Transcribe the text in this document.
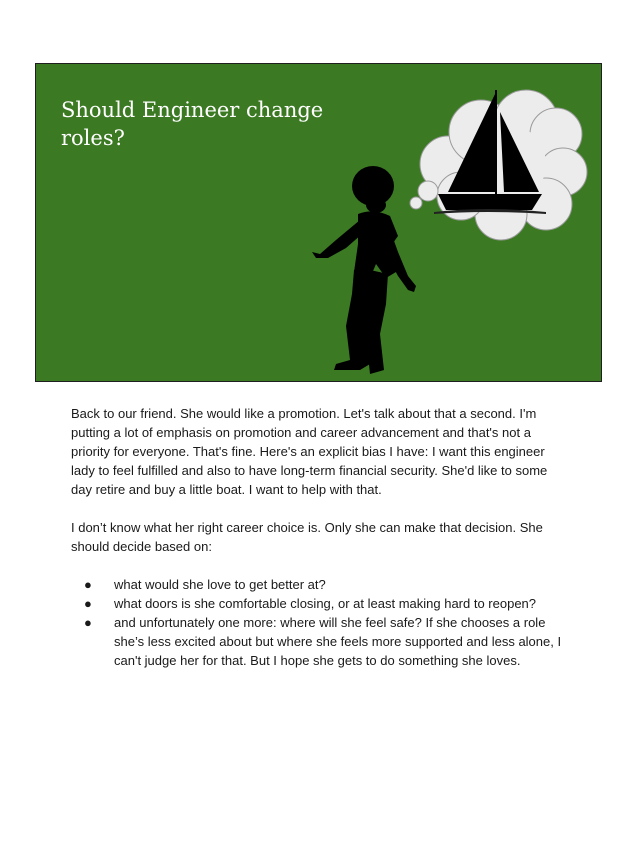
Should Engineer change roles?

Back to our friend. She would like a promotion. Let's talk about that a second. I'm putting a lot of emphasis on promotion and career advancement and that's not a priority for everyone. That's fine. Here's an explicit bias I have: I want this engineer lady to feel fulfilled and also to have long-term financial security. She'd like to some day retire and buy a little boat. I want to help with that.

I don’t know what her right career choice is. Only she can make that decision. She should decide based on:

● what would she love to get better at?
● what doors is she comfortable closing, or at least making hard to reopen?
● and unfortunately one more: where will she feel safe? If she chooses a role she’s less excited about but where she feels more supported and less alone, I can't judge her for that. But I hope she gets to do something she loves.
